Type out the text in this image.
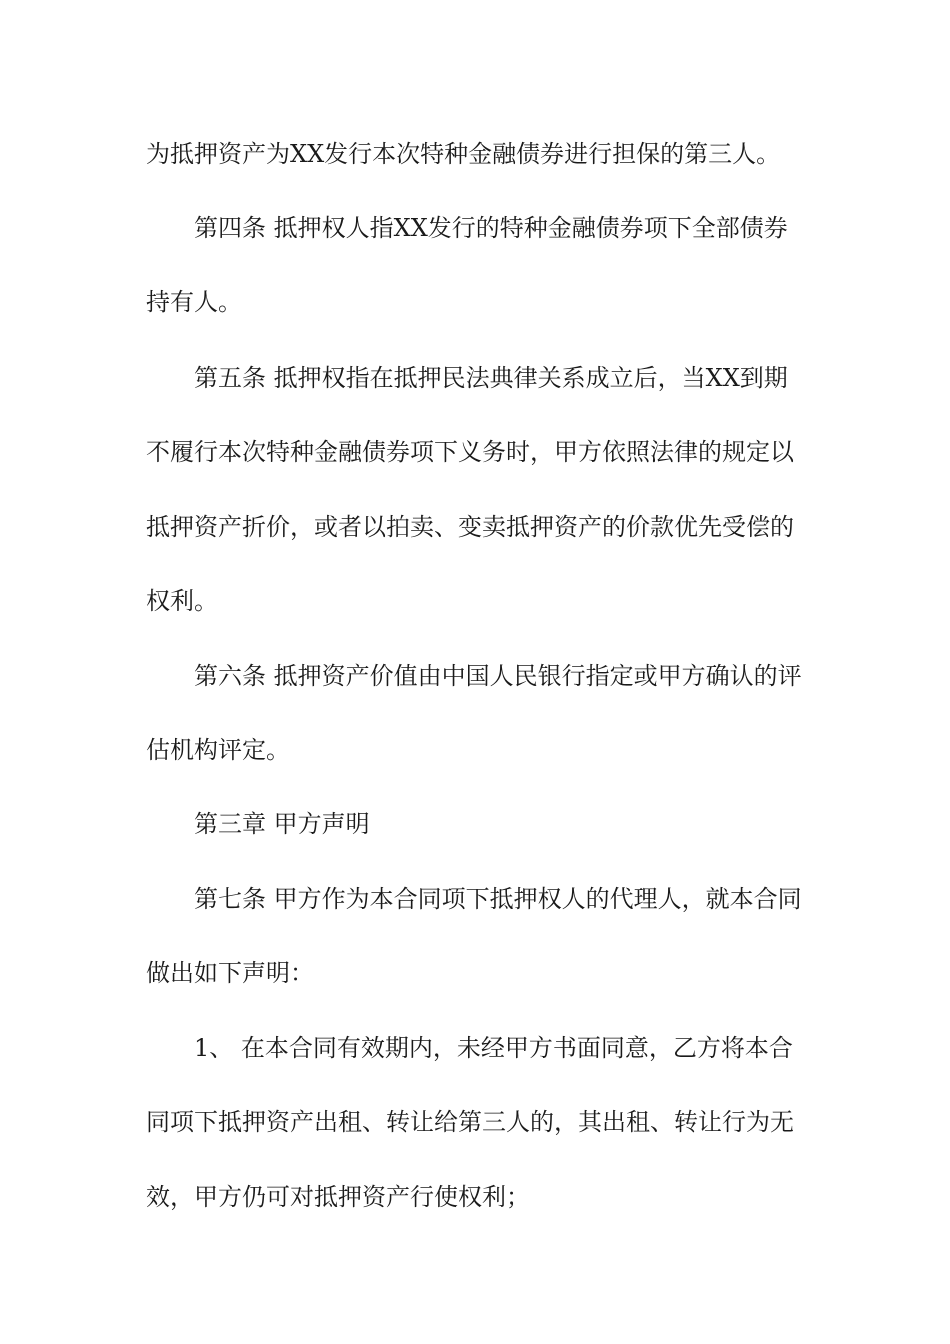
为抵押资产为XX发行本次特种金融债券进行担保的第三人。
第四条 抵押权人指XX发行的特种金融债券项下全部债券
持有人。
第五条 抵押权指在抵押民法典律关系成立后，当XX到期
不履行本次特种金融债券项下义务时，甲方依照法律的规定以
抵押资产折价，或者以拍卖、变卖抵押资产的价款优先受偿的
权利。
第六条 抵押资产价值由中国人民银行指定或甲方确认的评
估机构评定。
第三章 甲方声明
第七条 甲方作为本合同项下抵押权人的代理人，就本合同
做出如下声明：
1、 在本合同有效期内，未经甲方书面同意，乙方将本合
同项下抵押资产出租、转让给第三人的，其出租、转让行为无
效，甲方仍可对抵押资产行使权利；
